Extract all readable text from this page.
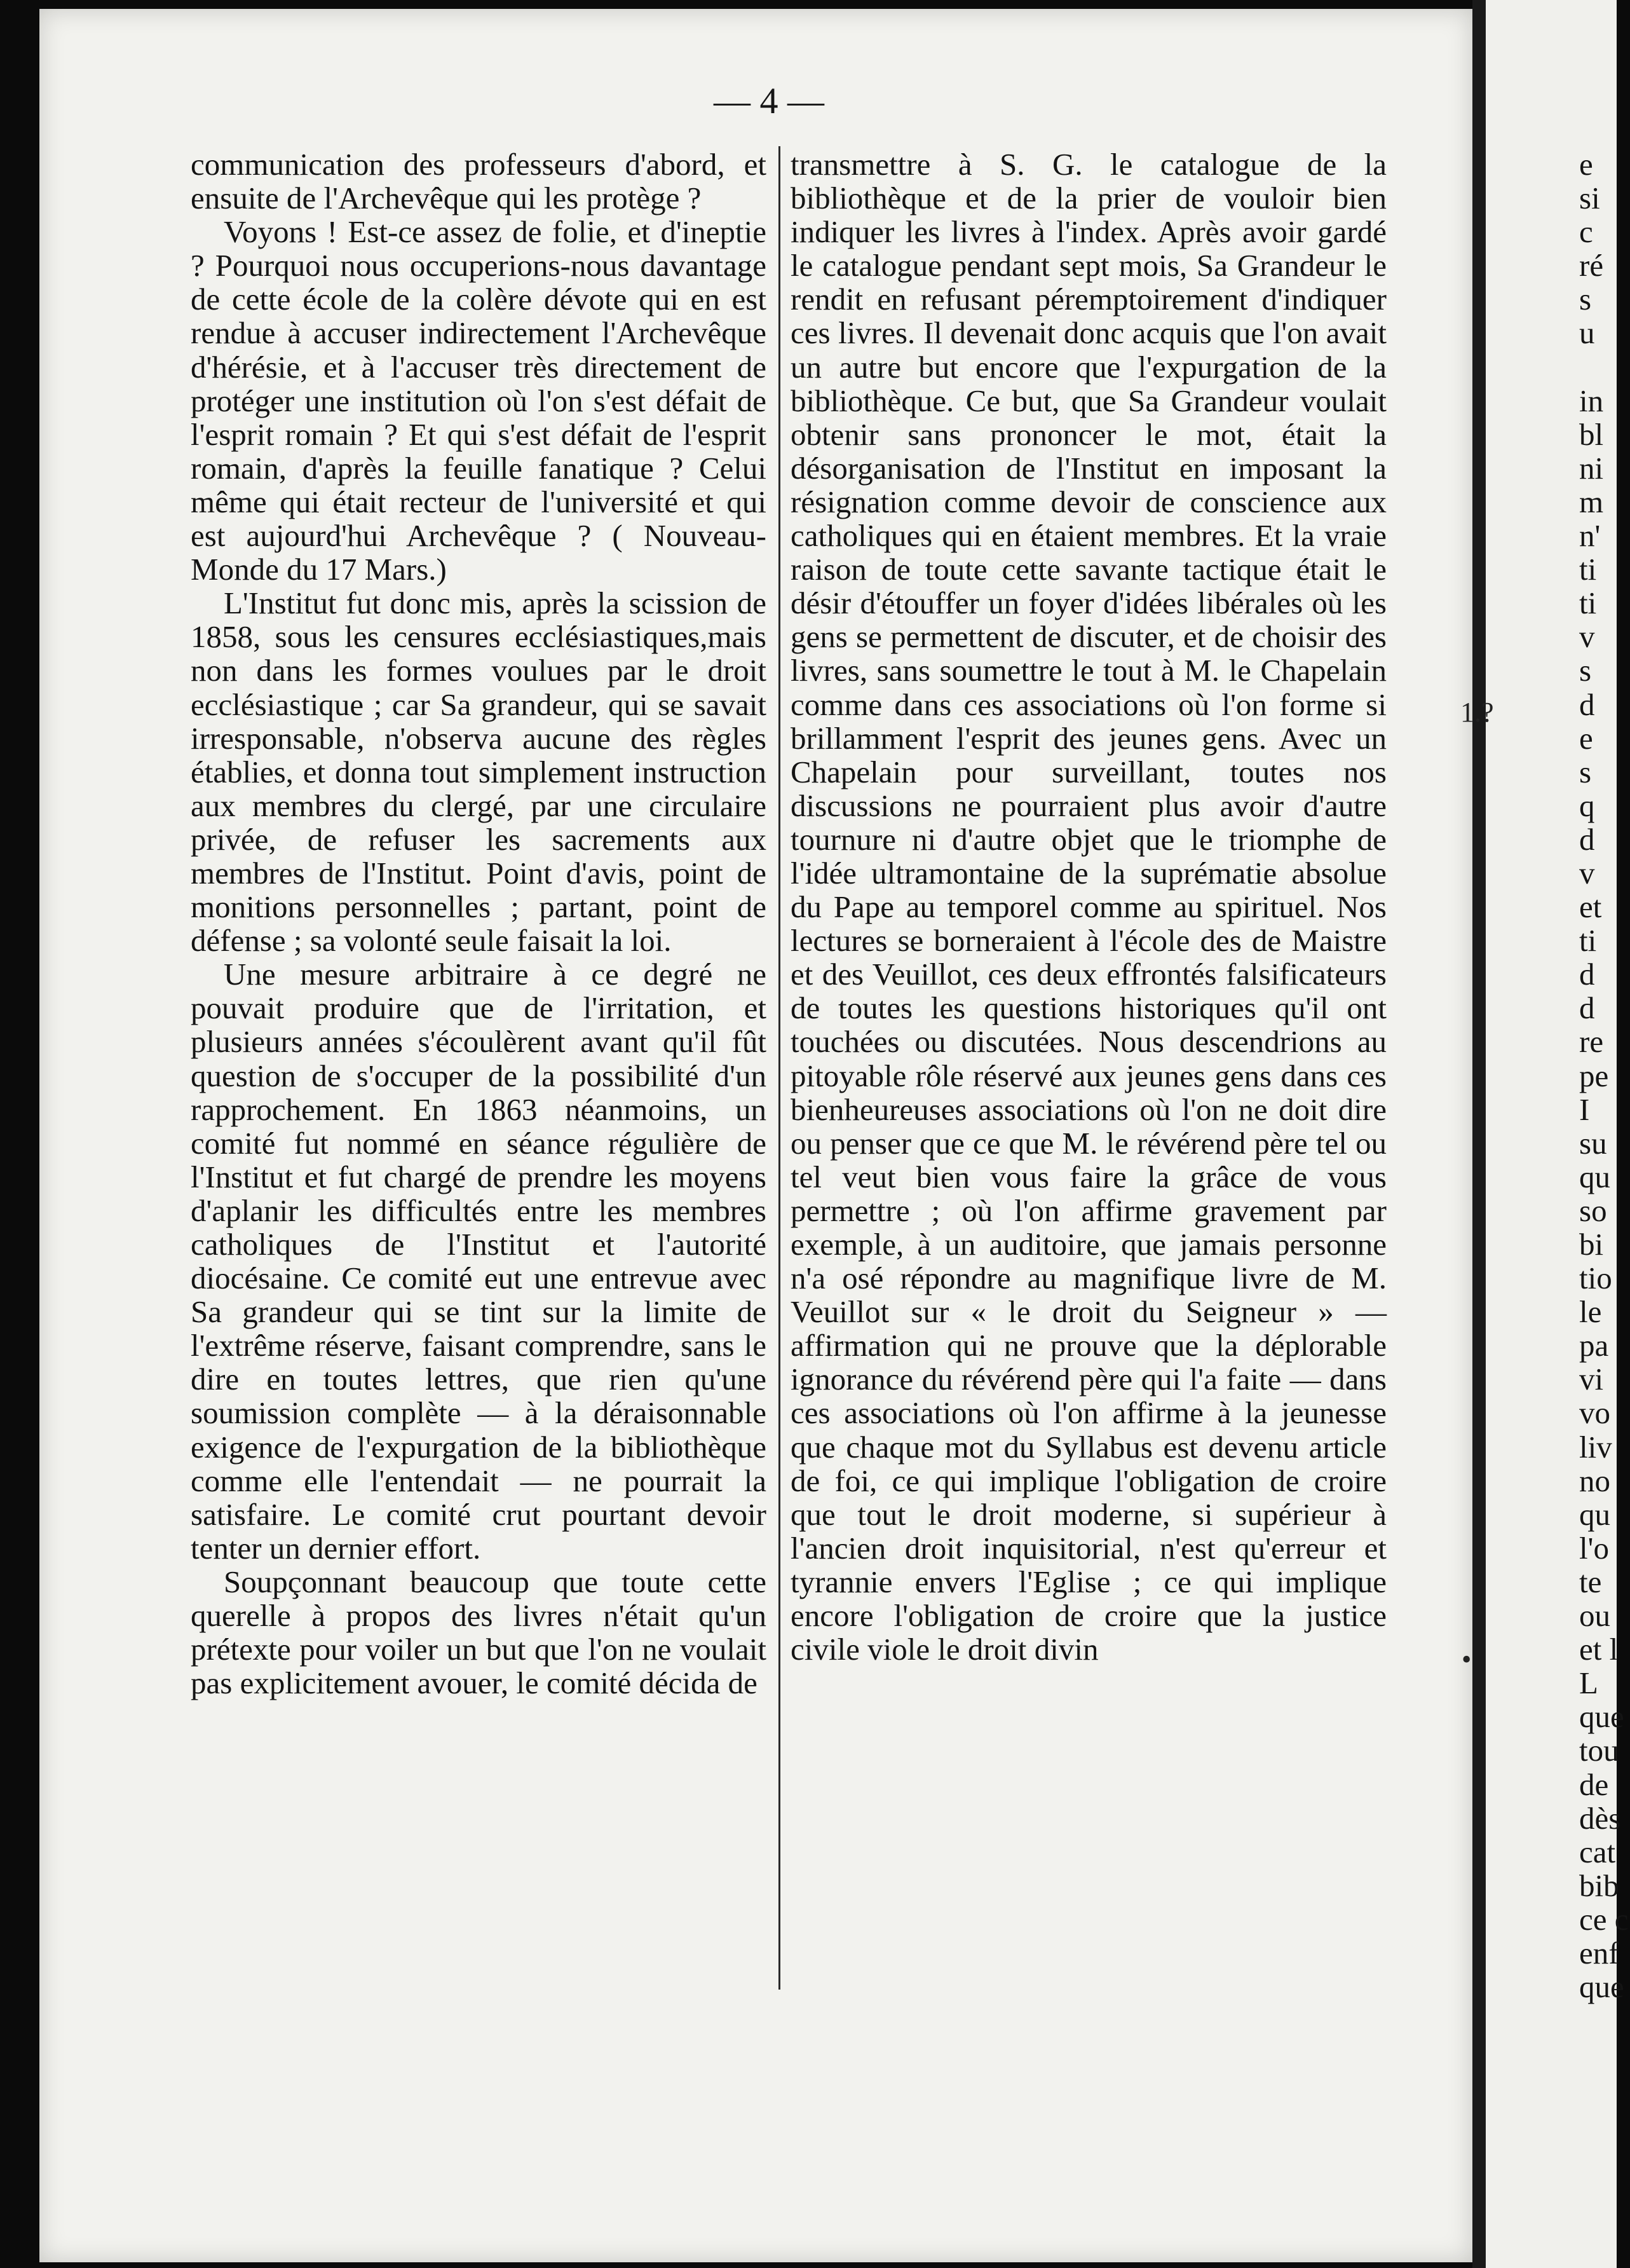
— 4 —

communication des professeurs d'abord, et ensuite de l'Archevêque qui les protège ?

Voyons ! Est-ce assez de folie, et d'ineptie ? Pourquoi nous occuperions-nous davantage de cette école de la colère dévote qui en est rendue à accuser indirectement l'Archevêque d'hérésie, et à l'accuser très directement de protéger une institution où l'on s'est défait de l'esprit romain ? Et qui s'est défait de l'esprit romain, d'après la feuille fanatique ? Celui même qui était recteur de l'université et qui est aujourd'hui Archevêque ? ( Nouveau-Monde du 17 Mars.)

L'Institut fut donc mis, après la scission de 1858, sous les censures ecclésiastiques,mais non dans les formes voulues par le droit ecclésiastique ; car Sa grandeur, qui se savait irresponsable, n'observa aucune des règles établies, et donna tout simplement instruction aux membres du clergé, par une circulaire privée, de refuser les sacrements aux membres de l'Institut. Point d'avis, point de monitions personnelles ; partant, point de défense ; sa volonté seule faisait la loi.

Une mesure arbitraire à ce degré ne pouvait produire que de l'irritation, et plusieurs années s'écoulèrent avant qu'il fût question de s'occuper de la possibilité d'un rapprochement. En 1863 néanmoins, un comité fut nommé en séance régulière de l'Institut et fut chargé de prendre les moyens d'aplanir les difficultés entre les membres catholiques de l'Institut et l'autorité diocésaine. Ce comité eut une entrevue avec Sa grandeur qui se tint sur la limite de l'extrême réserve, faisant comprendre, sans le dire en toutes lettres, que rien qu'une soumission complète — à la déraisonnable exigence de l'expurgation de la bibliothèque comme elle l'entendait — ne pourrait la satisfaire. Le comité crut pourtant devoir tenter un dernier effort.

Soupçonnant beaucoup que toute cette querelle à propos des livres n'était qu'un prétexte pour voiler un but que l'on ne voulait pas explicitement avouer, le comité décida de

transmettre à S. G. le catalogue de la bibliothèque et de la prier de vouloir bien indiquer les livres à l'index. Après avoir gardé le catalogue pendant sept mois, Sa Grandeur le rendit en refusant péremptoirement d'indiquer ces livres. Il devenait donc acquis que l'on avait un autre but encore que l'expurgation de la bibliothèque. Ce but, que Sa Grandeur voulait obtenir sans prononcer le mot, était la désorganisation de l'Institut en imposant la résignation comme devoir de conscience aux catholiques qui en étaient membres. Et la vraie raison de toute cette savante tactique était le désir d'étouffer un foyer d'idées libérales où les gens se permettent de discuter, et de choisir des livres, sans soumettre le tout à M. le Chapelain comme dans ces associations où l'on forme si brillamment l'esprit des jeunes gens. Avec un Chapelain pour surveillant, toutes nos discussions ne pourraient plus avoir d'autre tournure ni d'autre objet que le triomphe de l'idée ultramontaine de la suprématie absolue du Pape au temporel comme au spirituel. Nos lectures se borneraient à l'école des de Maistre et des Veuillot, ces deux effrontés falsificateurs de toutes les questions historiques qu'il ont touchées ou discutées. Nous descendrions au pitoyable rôle réservé aux jeunes gens dans ces bienheureuses associations où l'on ne doit dire ou penser que ce que M. le révérend père tel ou tel veut bien vous faire la grâce de vous permettre ; où l'on affirme gravement par exemple, à un auditoire, que jamais personne n'a osé répondre au magnifique livre de M. Veuillot sur « le droit du Seigneur » — affirmation qui ne prouve que la déplorable ignorance du révérend père qui l'a faite — dans ces associations où l'on affirme à la jeunesse que chaque mot du Syllabus est devenu article de foi, ce qui implique l'obligation de croire que tout le droit moderne, si supérieur à l'ancien droit inquisitorial, n'est qu'erreur et tyrannie envers l'Eglise ; ce qui implique encore l'obligation de croire que la justice civile viole le droit divin

1.?
•
e
si
c
ré
s
u
in
bl
ni
m
n'
ti
ti
v
s
d
e
s
q
d
v
et
ti
d
d
re
pe
I
su
qu
so
bi
tio
le
pa
vi
vo
liv
no
qu
l'o
te
ou
et l
L
que
tou
de
dès
cat
bib
ce c
enf
que
